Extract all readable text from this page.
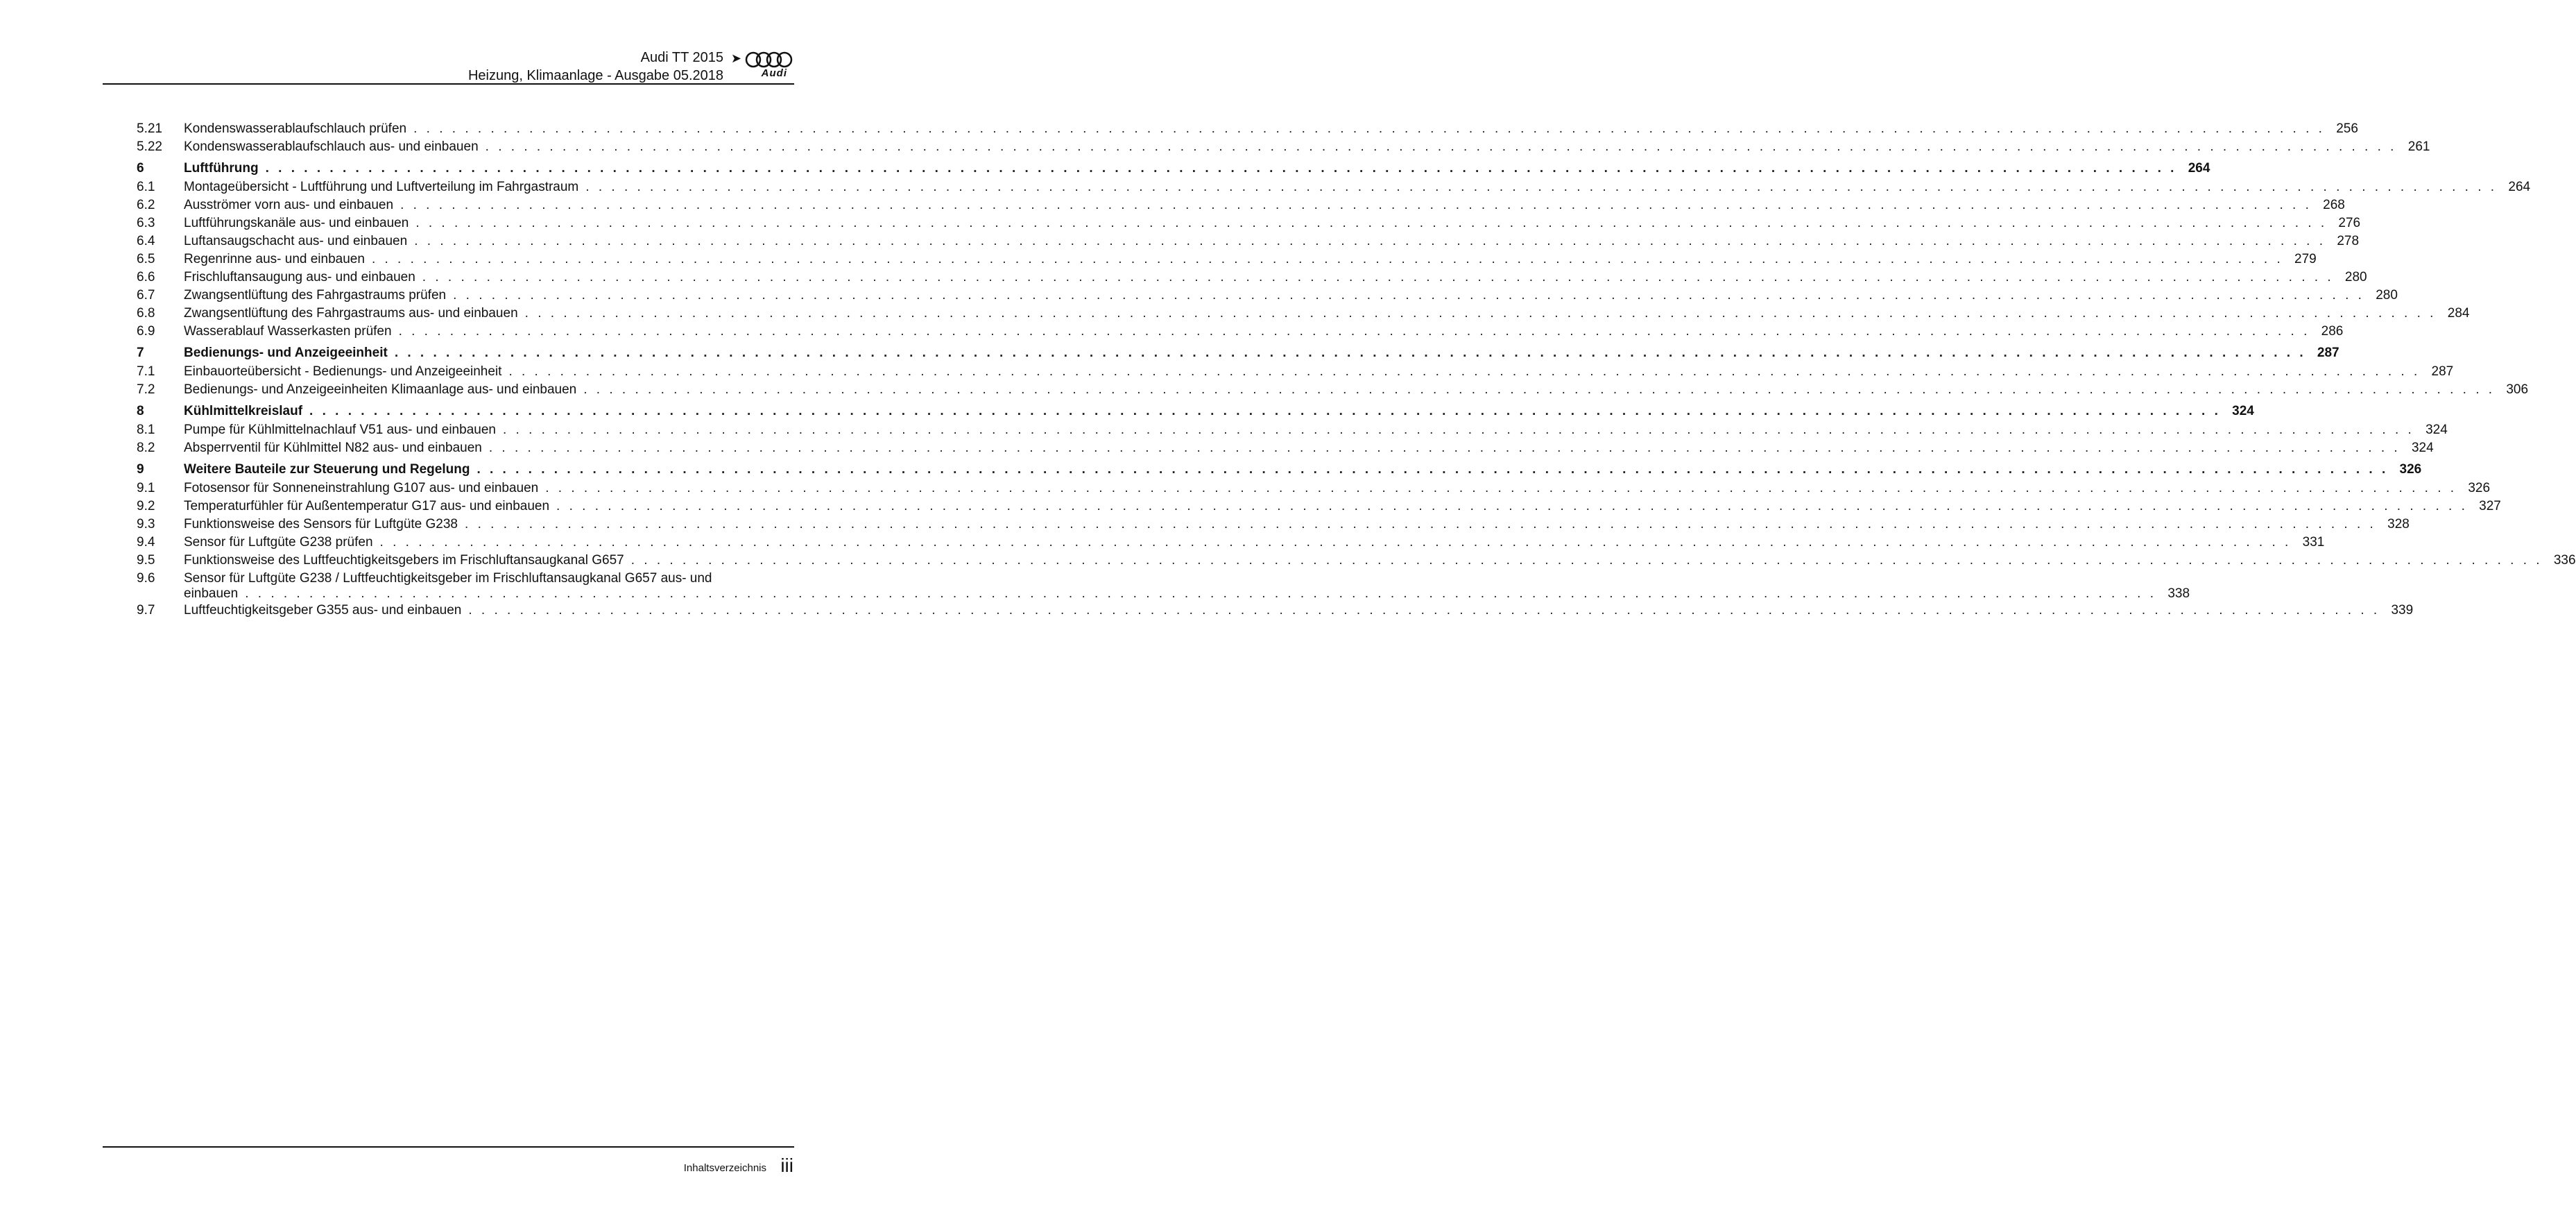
Audi TT 2015 ➤
Heizung, Klimaanlage - Ausgabe 05.2018	Audi
5.21	Kondenswasserablaufschlauch prüfen . . .	256
5.22	Kondenswasserablaufschlauch aus- und einbauen . . .	261
6	Luftführung . . .	264
6.1	Montageübersicht - Luftführung und Luftverteilung im Fahrgastraum . . .	264
6.2	Ausströmer vorn aus- und einbauen . . .	268
6.3	Luftführungskanäle aus- und einbauen . . .	276
6.4	Luftansaugschacht aus- und einbauen . . .	278
6.5	Regenrinne aus- und einbauen . . .	279
6.6	Frischluftansaugung aus- und einbauen . . .	280
6.7	Zwangsentlüftung des Fahrgastraums prüfen . . .	280
6.8	Zwangsentlüftung des Fahrgastraums aus- und einbauen . . .	284
6.9	Wasserablauf Wasserkasten prüfen . . .	286
7	Bedienungs- und Anzeigeeinheit . . .	287
7.1	Einbauorteübersicht - Bedienungs- und Anzeigeeinheit . . .	287
7.2	Bedienungs- und Anzeigeeinheiten Klimaanlage aus- und einbauen . . .	306
8	Kühlmittelkreislauf . . .	324
8.1	Pumpe für Kühlmittelnachlauf V51 aus- und einbauen . . .	324
8.2	Absperrventil für Kühlmittel N82 aus- und einbauen . . .	324
9	Weitere Bauteile zur Steuerung und Regelung . . .	326
9.1	Fotosensor für Sonneneinstrahlung G107 aus- und einbauen . . .	326
9.2	Temperaturfühler für Außentemperatur G17 aus- und einbauen . . .	327
9.3	Funktionsweise des Sensors für Luftgüte G238 . . .	328
9.4	Sensor für Luftgüte G238 prüfen . . .	331
9.5	Funktionsweise des Luftfeuchtigkeitsgebers im Frischluftansaugkanal G657 . . .	336
9.6	Sensor für Luftgüte G238 / Luftfeuchtigkeitsgeber im Frischluftansaugkanal G657 aus- und
einbauen . . .	338
9.7	Luftfeuchtigkeitsgeber G355 aus- und einbauen . . .	339
Inhaltsverzeichnis iii
